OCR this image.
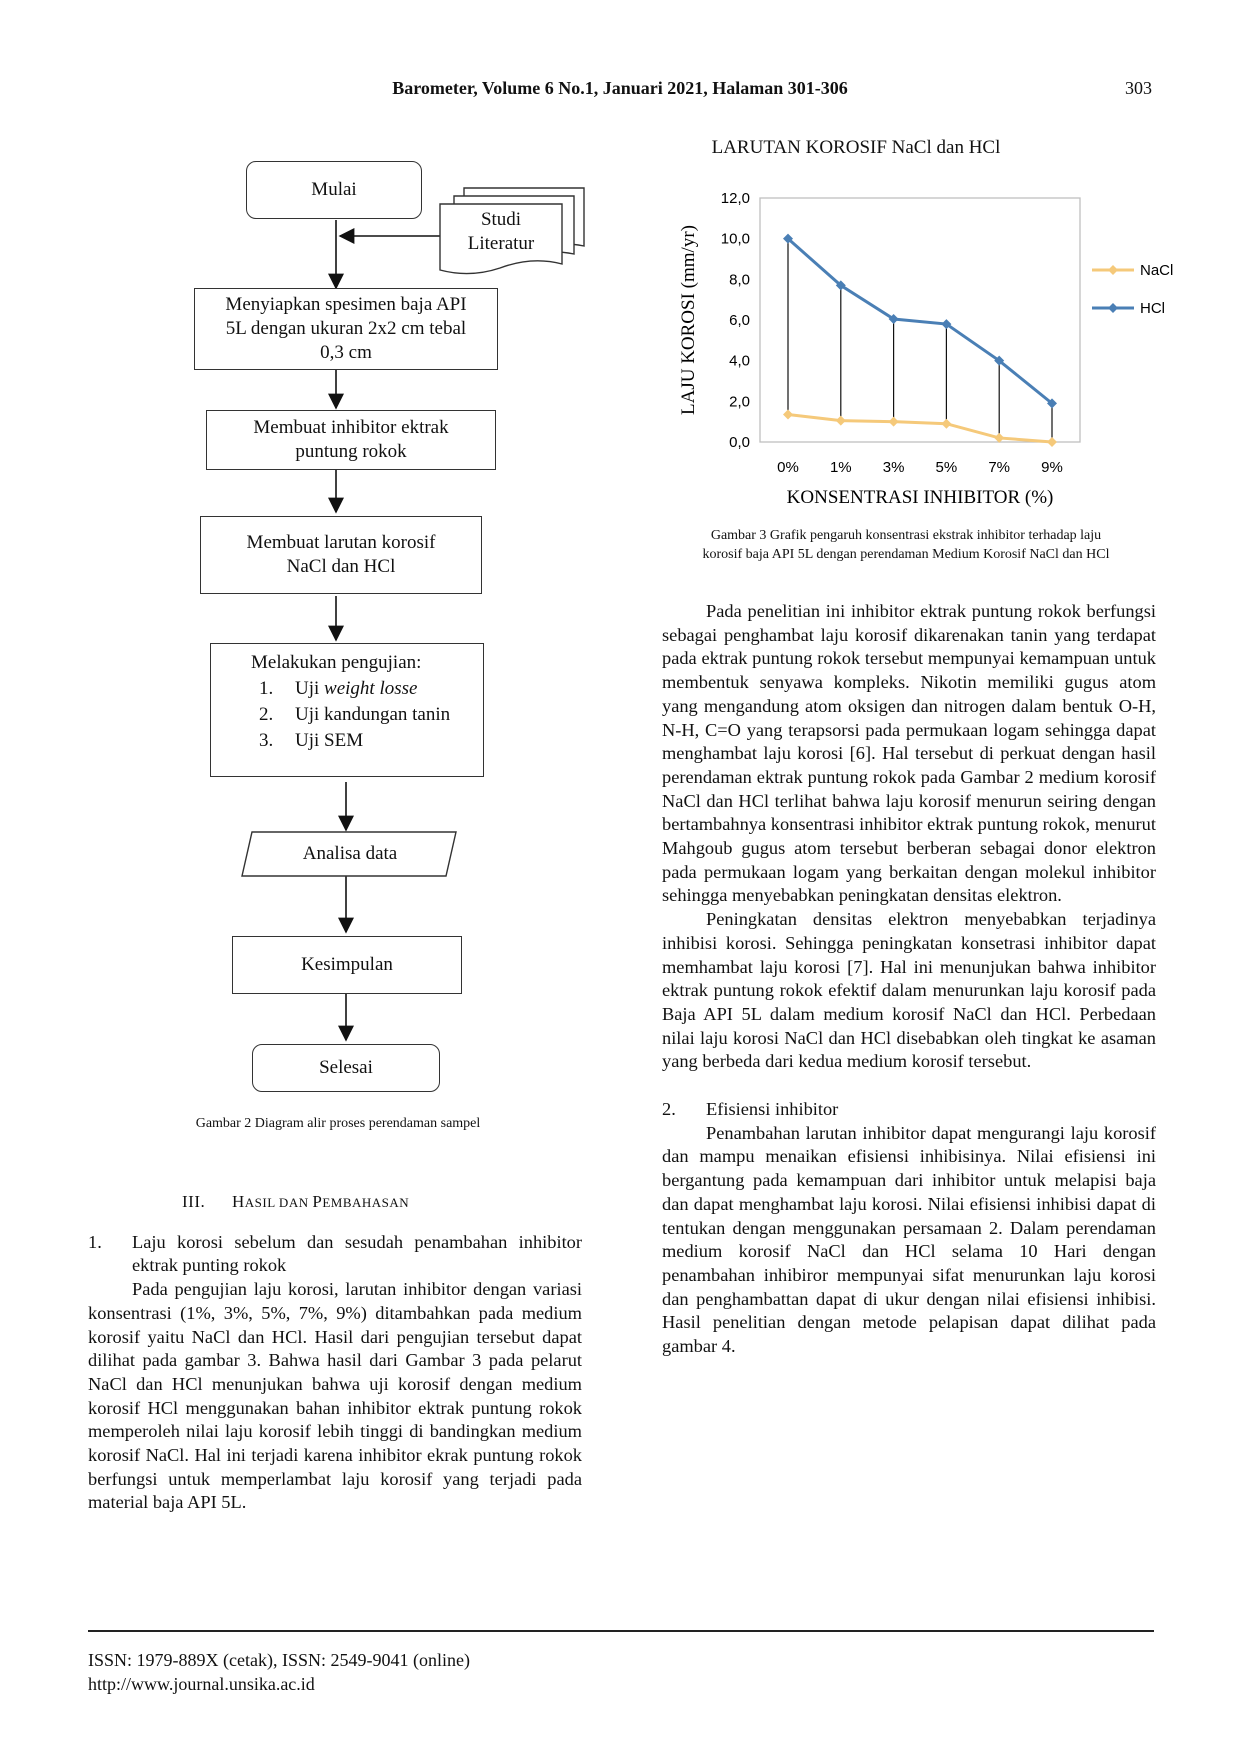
Barometer, Volume 6 No.1, Januari 2021, Halaman 301-306	303
Mulai
Studi
Literatur
Menyiapkan spesimen baja API
5L dengan ukuran 2x2 cm tebal
0,3 cm
Membuat inhibitor ektrak
puntung rokok
Membuat larutan korosif
NaCl dan HCl
Melakukan pengujian:
1. Uji weight losse
2. Uji kandungan tanin
3. Uji SEM
Analisa data
Kesimpulan
Selesai
Gambar 2 Diagram alir proses perendaman sampel
LARUTAN KOROSIF NaCl dan HCl
LAJU KOROSI (mm/yr)
KONSENTRASI INHIBITOR (%)
0,0
2,0
4,0
6,0
8,0
10,0
12,0
0% 1% 3% 5% 7% 9%
NaCl
HCl
Gambar 3 Grafik pengaruh konsentrasi ekstrak inhibitor terhadap laju
korosif baja API 5L dengan perendaman Medium Korosif NaCl dan HCl

III. HASIL DAN PEMBAHASAN

1. Laju korosi sebelum dan sesudah penambahan inhibitor ektrak punting rokok

Pada pengujian laju korosi, larutan inhibitor dengan variasi konsentrasi (1%, 3%, 5%, 7%, 9%) ditambahkan pada medium korosif yaitu NaCl dan HCl. Hasil dari pengujian tersebut dapat dilihat pada gambar 3. Bahwa hasil dari Gambar 3 pada pelarut NaCl dan HCl menunjukan bahwa uji korosif dengan medium korosif HCl menggunakan bahan inhibitor ektrak puntung rokok memperoleh nilai laju korosif lebih tinggi di bandingkan medium korosif NaCl. Hal ini terjadi karena inhibitor ekrak puntung rokok berfungsi untuk memperlambat laju korosif yang terjadi pada material baja API 5L.

Pada penelitian ini inhibitor ektrak puntung rokok berfungsi sebagai penghambat laju korosif dikarenakan tanin yang terdapat pada ektrak puntung rokok tersebut mempunyai kemampuan untuk membentuk senyawa kompleks. Nikotin memiliki gugus atom yang mengandung atom oksigen dan nitrogen dalam bentuk O-H, N-H, C=O yang terapsorsi pada permukaan logam sehingga dapat menghambat laju korosi [6]. Hal tersebut di perkuat dengan hasil perendaman ektrak puntung rokok pada Gambar 2 medium korosif NaCl dan HCl terlihat bahwa laju korosif menurun seiring dengan bertambahnya konsentrasi inhibitor ektrak puntung rokok, menurut Mahgoub gugus atom tersebut berberan sebagai donor elektron pada permukaan logam yang berkaitan dengan molekul inhibitor sehingga menyebabkan peningkatan densitas elektron.

Peningkatan densitas elektron menyebabkan terjadinya inhibisi korosi. Sehingga peningkatan konsetrasi inhibitor dapat memhambat laju korosi [7]. Hal ini menunjukan bahwa inhibitor ektrak puntung rokok efektif dalam menurunkan laju korosif pada Baja API 5L dalam medium korosif NaCl dan HCl. Perbedaan nilai laju korosi NaCl dan HCl disebabkan oleh tingkat ke asaman yang berbeda dari kedua medium korosif tersebut.

2. Efisiensi inhibitor

Penambahan larutan inhibitor dapat mengurangi laju korosif dan mampu menaikan efisiensi inhibisinya. Nilai efisiensi ini bergantung pada kemampuan dari inhibitor untuk melapisi baja dan dapat menghambat laju korosi. Nilai efisiensi inhibisi dapat di tentukan dengan menggunakan persamaan 2. Dalam perendaman medium korosif NaCl dan HCl selama 10 Hari dengan penambahan inhibiror mempunyai sifat menurunkan laju korosi dan penghambattan dapat di ukur dengan nilai efisiensi inhibisi. Hasil penelitian dengan metode pelapisan dapat dilihat pada gambar 4.

ISSN: 1979-889X (cetak), ISSN: 2549-9041 (online)
http://www.journal.unsika.ac.id
